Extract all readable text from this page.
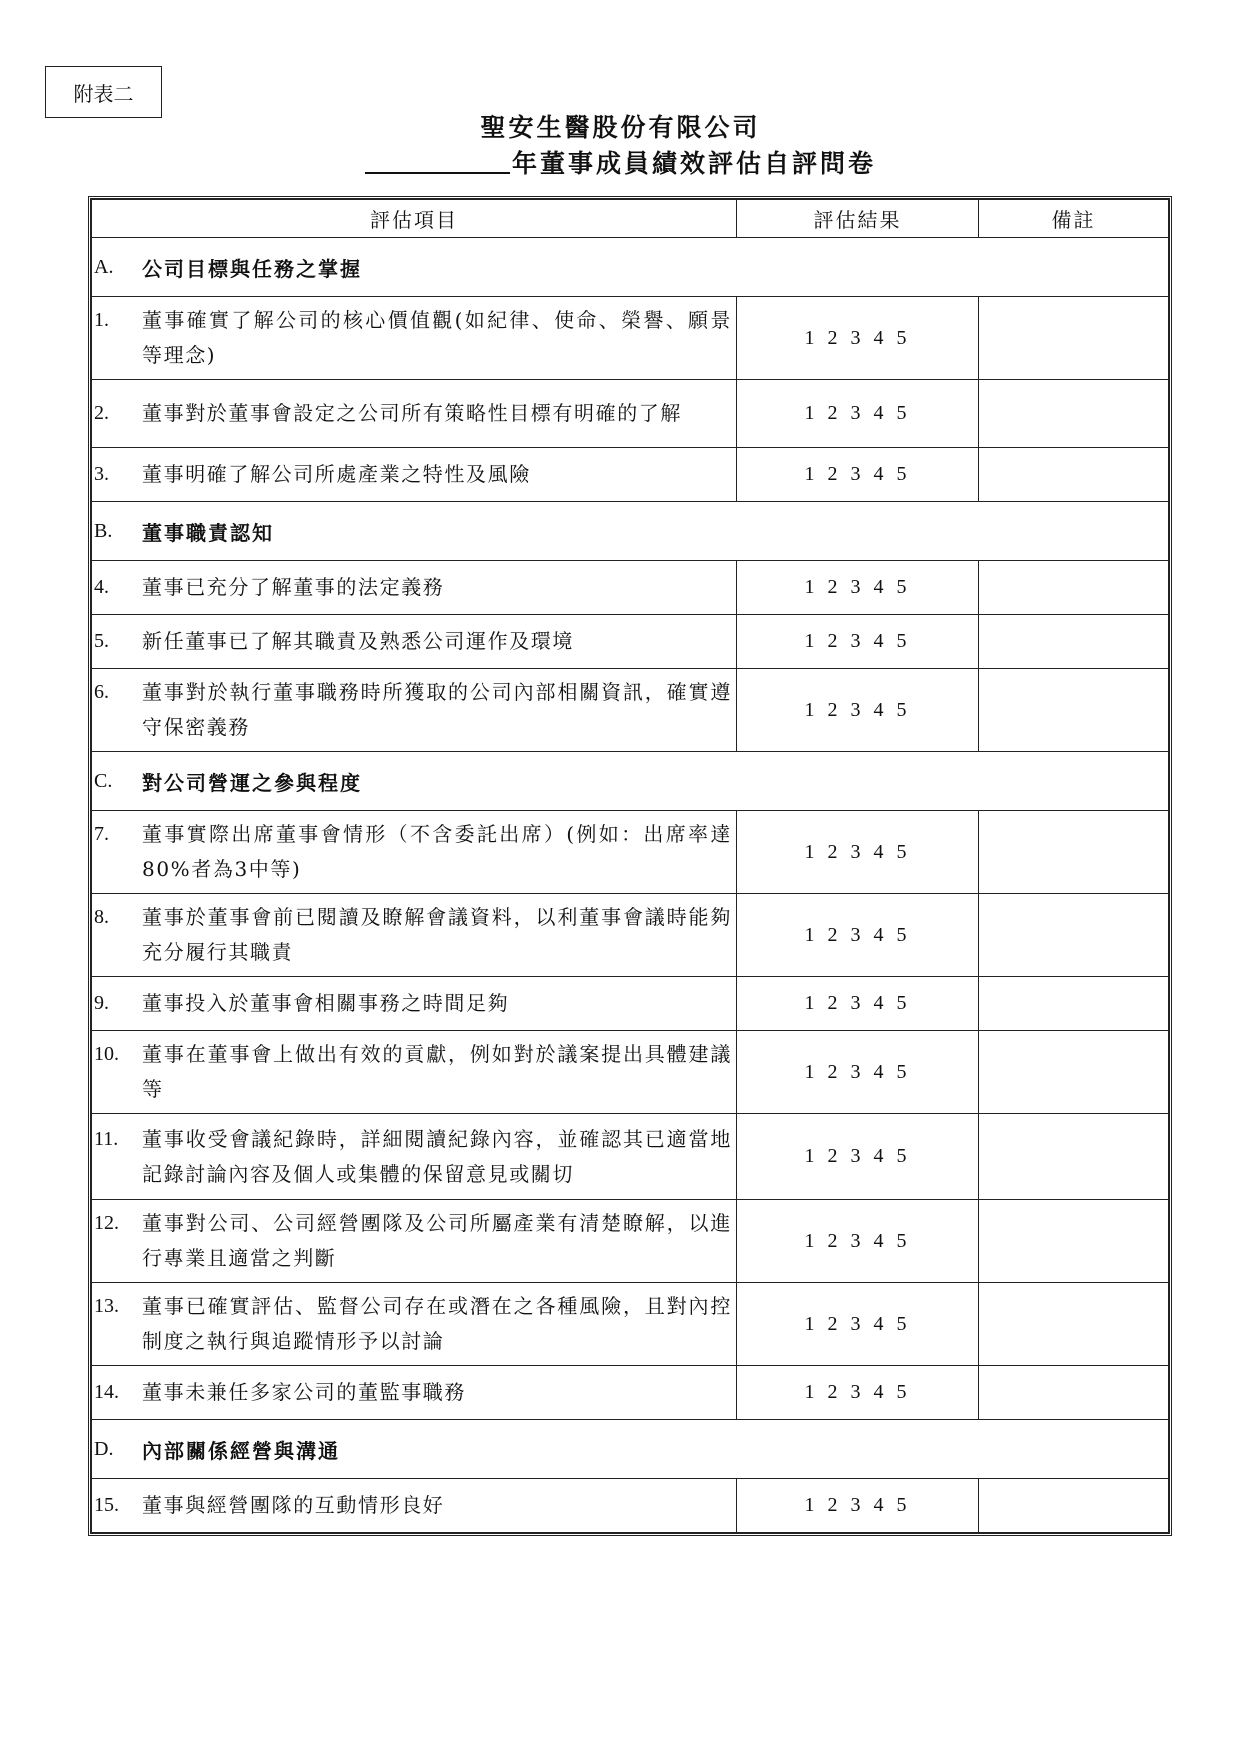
附表二
聖安生醫股份有限公司
年董事成員績效評估自評問卷
評估項目	評估結果	備註

A. 公司目標與任務之掌握		

1. 董事確實了解公司的核心價值觀(如紀律、使命、榮譽、願景等理念)	1 2 3 4 5	

2. 董事對於董事會設定之公司所有策略性目標有明確的了解	1 2 3 4 5	

3. 董事明確了解公司所處產業之特性及風險	1 2 3 4 5	

B. 董事職責認知		

4. 董事已充分了解董事的法定義務	1 2 3 4 5	

5. 新任董事已了解其職責及熟悉公司運作及環境	1 2 3 4 5	

6. 董事對於執行董事職務時所獲取的公司內部相關資訊，確實遵守保密義務	1 2 3 4 5	

C. 對公司營運之參與程度		

7. 董事實際出席董事會情形（不含委託出席）(例如：出席率達80%者為3中等)	1 2 3 4 5	

8. 董事於董事會前已閱讀及瞭解會議資料，以利董事會議時能夠充分履行其職責	1 2 3 4 5	

9. 董事投入於董事會相關事務之時間足夠	1 2 3 4 5	

10. 董事在董事會上做出有效的貢獻，例如對於議案提出具體建議等	1 2 3 4 5	

11. 董事收受會議紀錄時，詳細閱讀紀錄內容，並確認其已適當地記錄討論內容及個人或集體的保留意見或關切	1 2 3 4 5	

12. 董事對公司、公司經營團隊及公司所屬產業有清楚瞭解，以進行專業且適當之判斷	1 2 3 4 5	

13. 董事已確實評估、監督公司存在或潛在之各種風險，且對內控制度之執行與追蹤情形予以討論	1 2 3 4 5	

14. 董事未兼任多家公司的董監事職務	1 2 3 4 5	

D. 內部關係經營與溝通		

15. 董事與經營團隊的互動情形良好	1 2 3 4 5	
